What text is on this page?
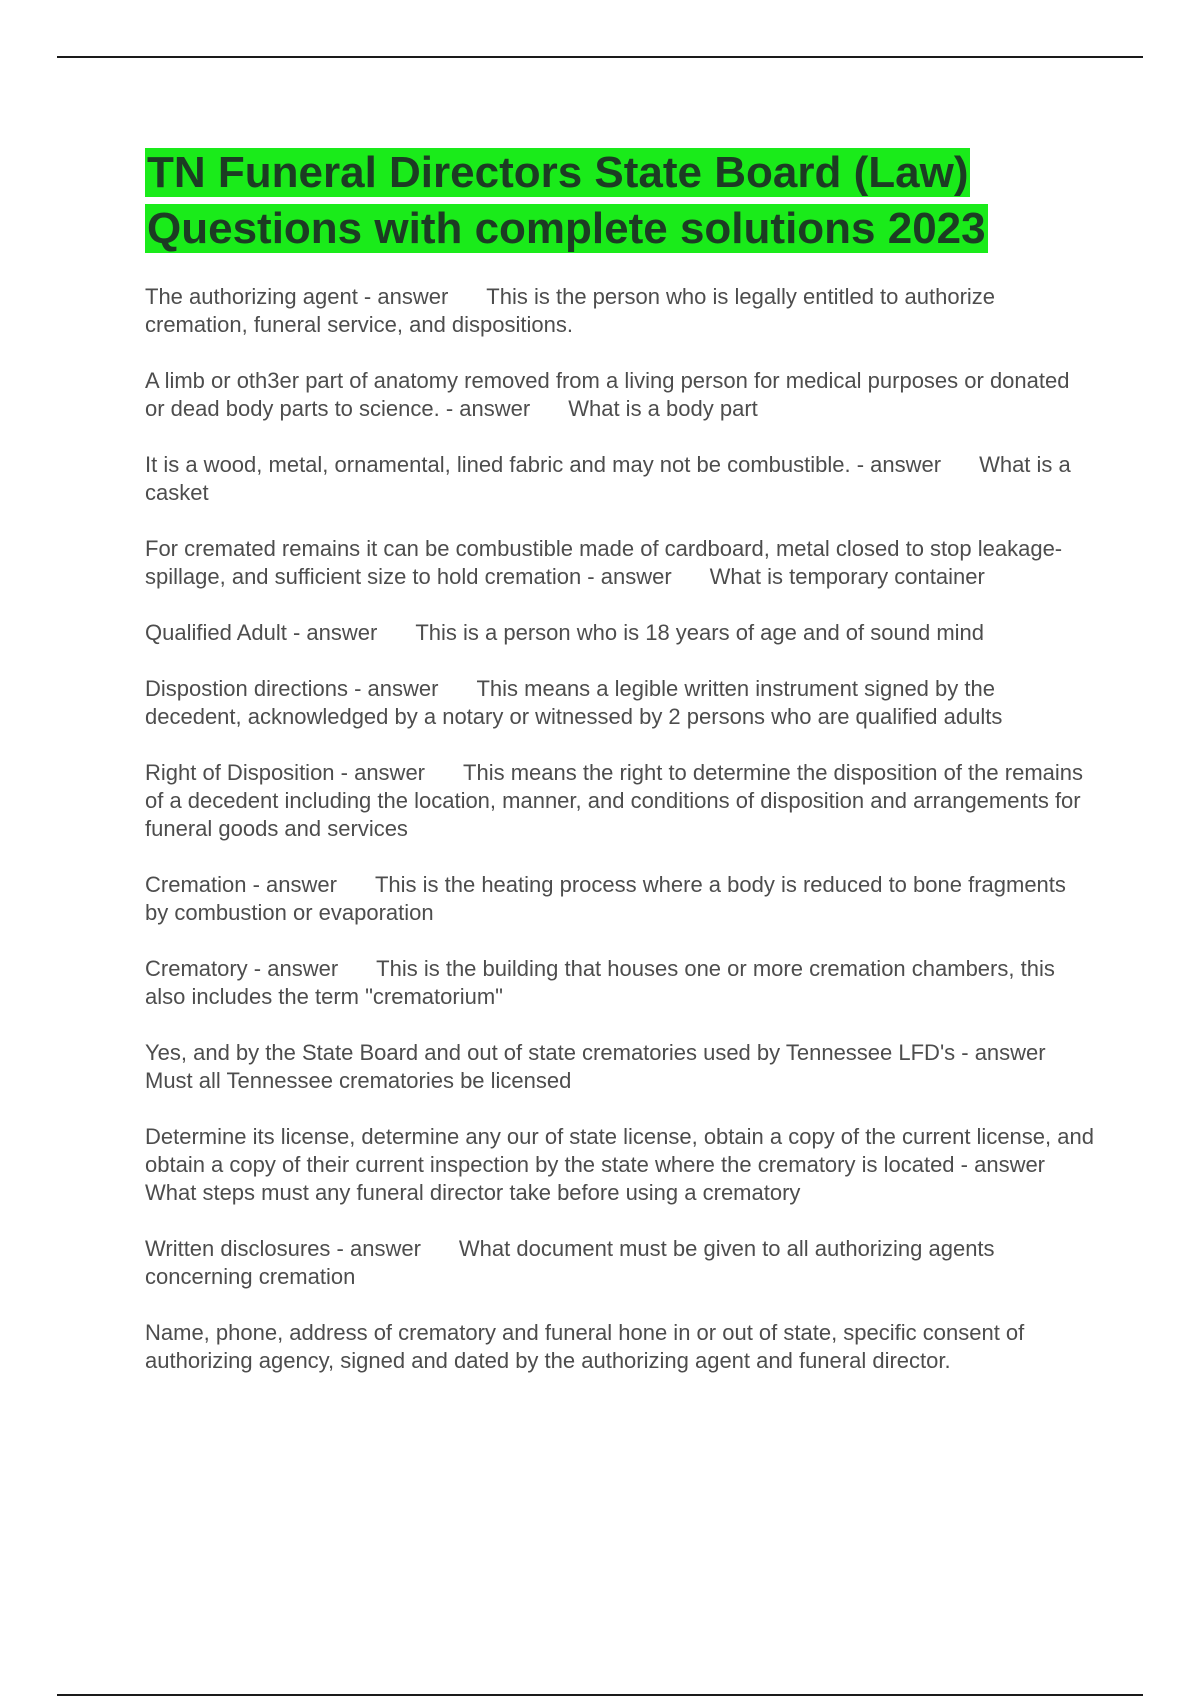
TN Funeral Directors State Board (Law)
Questions with complete solutions 2023
The authorizing agent - answer This is the person who is legally entitled to authorize cremation, funeral service, and dispositions.
A limb or oth3er part of anatomy removed from a living person for medical purposes or donated or dead body parts to science. - answer What is a body part
It is a wood, metal, ornamental, lined fabric and may not be combustible. - answer What is a casket
For cremated remains it can be combustible made of cardboard, metal closed to stop leakage-spillage, and sufficient size to hold cremation - answer What is temporary container
Qualified Adult - answer This is a person who is 18 years of age and of sound mind
Dispostion directions - answer This means a legible written instrument signed by the decedent, acknowledged by a notary or witnessed by 2 persons who are qualified adults
Right of Disposition - answer This means the right to determine the disposition of the remains of a decedent including the location, manner, and conditions of disposition and arrangements for funeral goods and services
Cremation - answer This is the heating process where a body is reduced to bone fragments by combustion or evaporation
Crematory - answer This is the building that houses one or more cremation chambers, this also includes the term "crematorium"
Yes, and by the State Board and out of state crematories used by Tennessee LFD's - answerMust all Tennessee crematories be licensed
Determine its license, determine any our of state license, obtain a copy of the current license, and obtain a copy of their current inspection by the state where the crematory is located - answerWhat steps must any funeral director take before using a crematory
Written disclosures - answer What document must be given to all authorizing agents concerning cremation
Name, phone, address of crematory and funeral hone in or out of state, specific consent of authorizing agency, signed and dated by the authorizing agent and funeral director.
